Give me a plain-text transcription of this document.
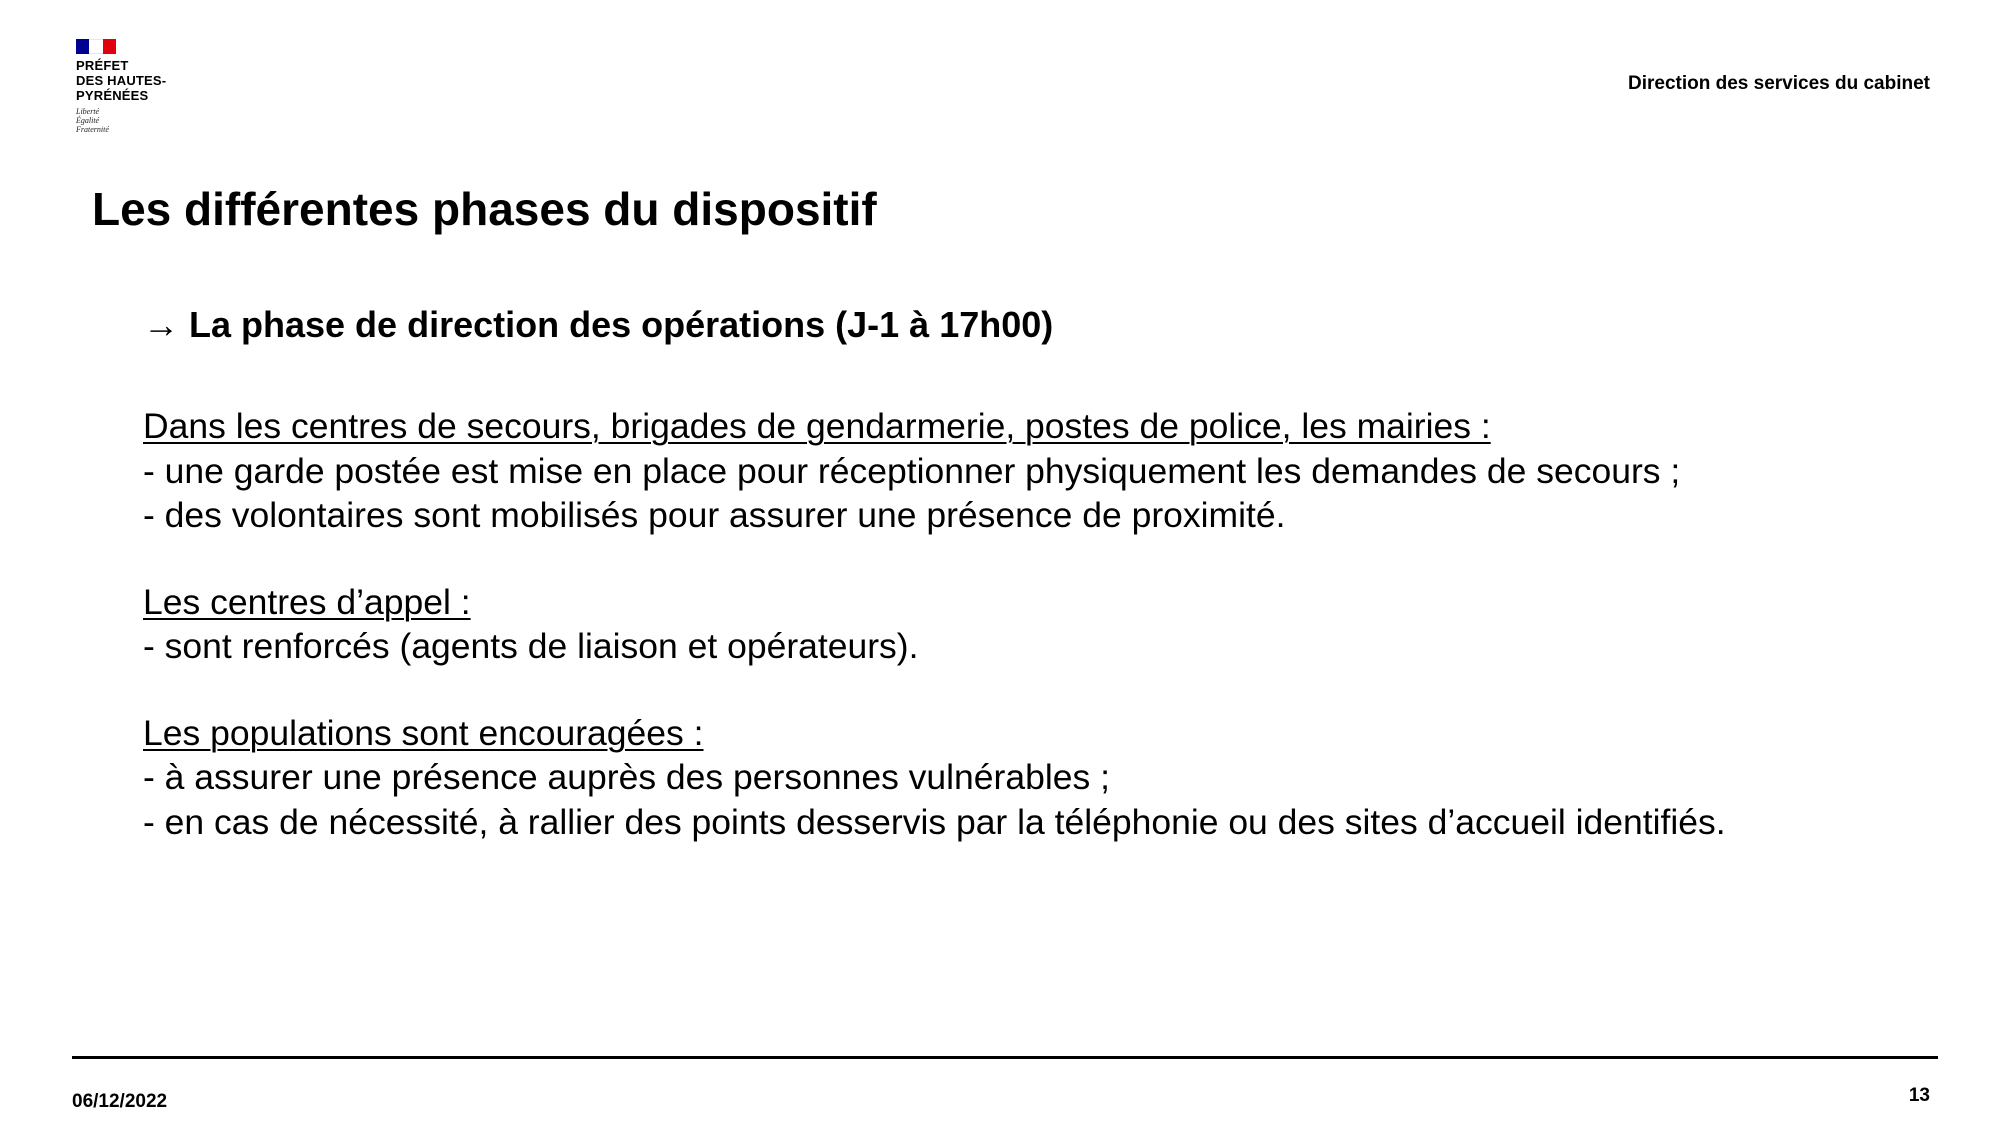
PRÉFET
DES HAUTES-
PYRÉNÉES
Liberté
Égalité
Fraternité
Direction des services du cabinet
Les différentes phases du dispositif

→ La phase de direction des opérations (J-1 à 17h00)

Dans les centres de secours, brigades de gendarmerie, postes de police, les mairies :

- une garde postée est mise en place pour réceptionner physiquement les demandes de secours ;

- des volontaires sont mobilisés pour assurer une présence de proximité.

Les centres d’appel :

- sont renforcés (agents de liaison et opérateurs).

Les populations sont encouragées :

- à assurer une présence auprès des personnes vulnérables ;

- en cas de nécessité, à rallier des points desservis par la téléphonie ou des sites d’accueil identifiés.

06/12/2022	13
